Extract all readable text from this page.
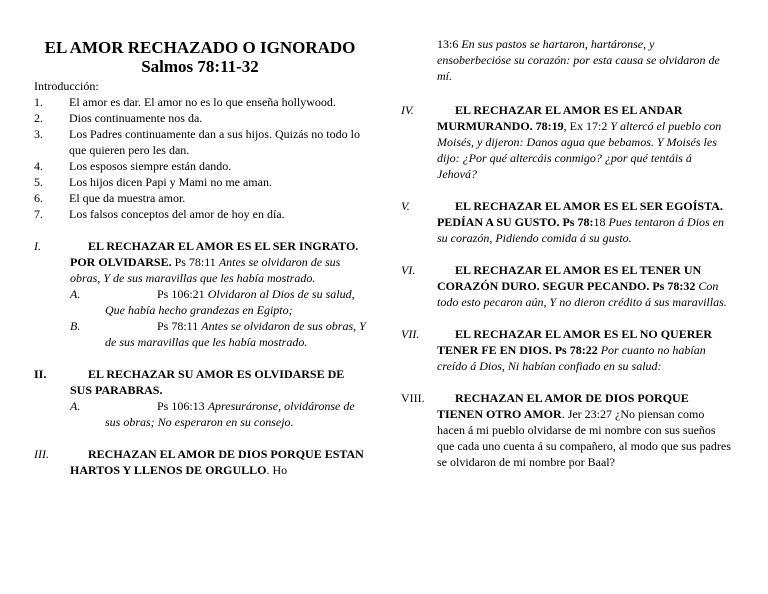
EL AMOR RECHAZADO O IGNORADO
Salmos 78:11-32
Introducción:
1. El amor es dar. El amor no es lo que enseña hollywood.
2. Dios continuamente nos da.
3. Los Padres continuamente dan a sus hijos. Quizás no todo lo que quieren pero les dan.
4. Los esposos siempre están dando.
5. Los hijos dicen Papi y Mami no me aman.
6. El que da muestra amor.
7. Los falsos conceptos del amor de hoy en día.
I.	EL RECHAZAR EL AMOR ES EL SER INGRATO. POR OLVIDARSE. Ps 78:11 Antes se olvidaron de sus obras, Y de sus maravillas que les había mostrado.

A.	Ps 106:21 Olvidaron al Dios de su salud, Que había hecho grandezas en Egipto;
B.	Ps 78:11 Antes se olvidaron de sus obras, Y de sus maravillas que les había mostrado.
II.	EL RECHAZAR SU AMOR ES OLVIDARSE DE SUS PARABRAS.

A.	Ps 106:13 Apresuráronse, olvidáronse de sus obras; No esperaron en su consejo.
III.	RECHAZAN EL AMOR DE DIOS PORQUE ESTAN HARTOS Y LLENOS DE ORGULLO. Ho

13:6 En sus pastos se hartaron, hartáronse, y ensoberbecióse su corazón: por esta causa se olvidaron de mí.
IV.	EL RECHAZAR EL AMOR ES EL ANDAR MURMURANDO. 78:19, Ex 17:2 Y altercó el pueblo con Moisés, y dijeron: Danos agua que bebamos. Y Moisés les dijo: ¿Por qué altercáis conmigo? ¿por qué tentáis á Jehová?

V.	EL RECHAZAR EL AMOR ES EL SER EGOÍSTA. PEDÍAN A SU GUSTO. Ps 78:18 Pues tentaron á Dios en su corazón, Pidiendo comida á su gusto.

VI.	EL RECHAZAR EL AMOR ES EL TENER UN CORAZÓN DURO. SEGUR PECANDO. Ps 78:32 Con todo esto pecaron aún, Y no dieron crédito á sus maravillas.

VII.	EL RECHAZAR EL AMOR ES EL NO QUERER TENER FE EN DIOS. Ps 78:22 Por cuanto no habían creído á Dios, Ni habían confiado en su salud:

VIII.	RECHAZAN EL AMOR DE DIOS PORQUE TIENEN OTRO AMOR. Jer 23:27 ¿No piensan como hacen á mi pueblo olvidarse de mi nombre con sus sueños que cada uno cuenta á su compañero, al modo que sus padres se olvidaron de mi nombre por Baal?
